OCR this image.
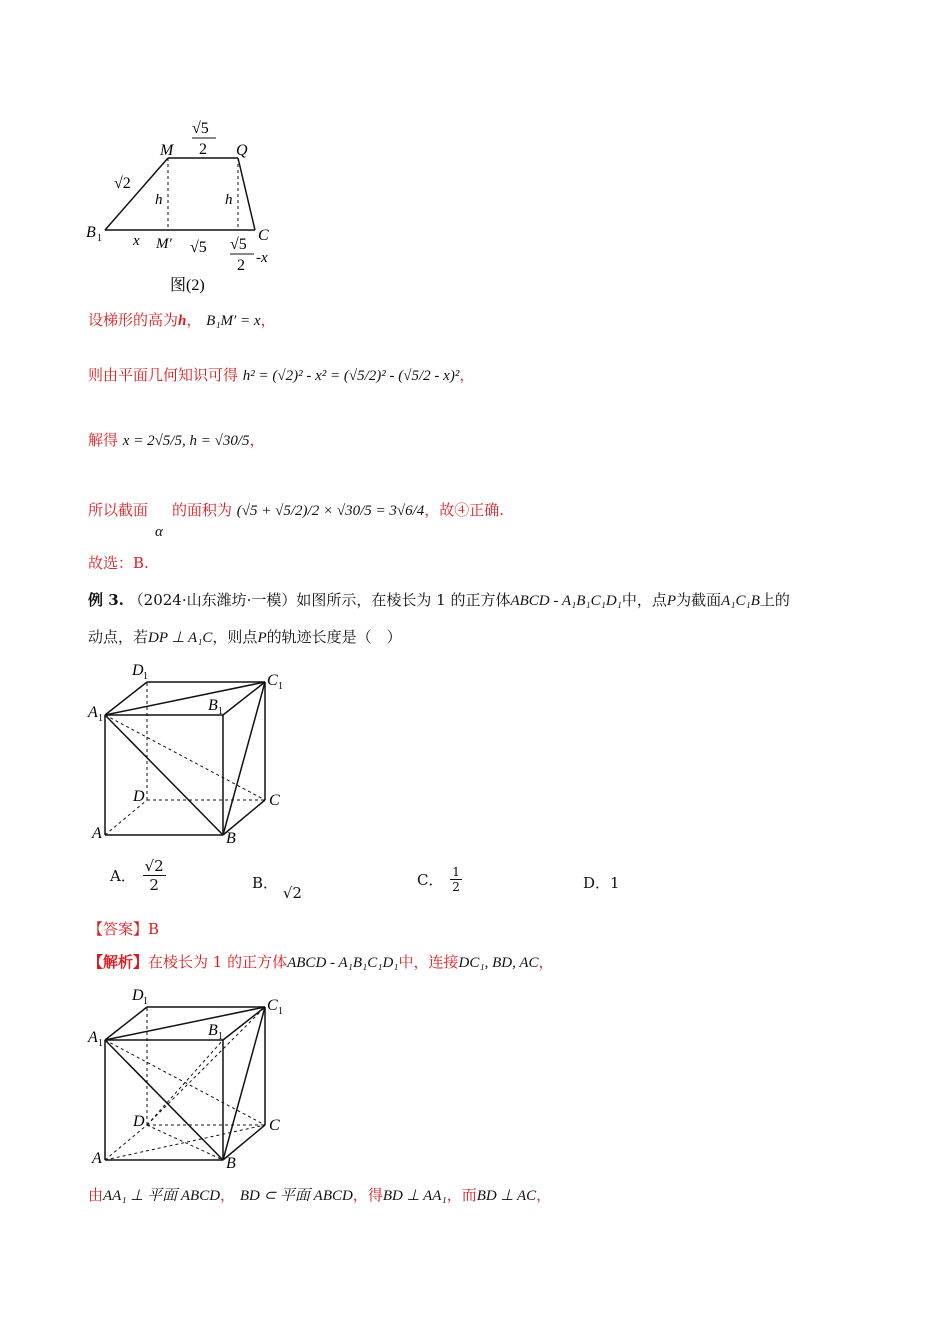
M	Q
B 1	C
M′
h	h
x
√2
√5
2
√5 √5
2 -x
图(2)
设梯形的高为h， B₁M′ = x，
则由平面几何知识可得 h² = (√2)² - x² = (√5/2)² - (√5/2 - x)²，
解得 x = 2√5/5, h = √30/5，
所以截面
α
的面积为 (√5 + √5/2)/2 × √30/5 = 3√6/4，故④正确.
故选：B.
例 3. （2024·山东潍坊·一模）如图所示，在棱长为 1 的正方体ABCD - A₁B₁C₁D₁中，点P为截面A₁C₁B上的
动点，若DP ⊥ A₁C，则点P的轨迹长度是（　）
A	B
C
D
A 1
B 1
C 1
D 1
A． $\frac{√2}{2}$	B． √2
C． $\frac{1}{2}$	D．1
【答案】B
【解析】在棱长为 1 的正方体ABCD - A₁B₁C₁D₁中，连接DC₁, BD, AC，
A	B
C
D
A 1
B 1
C 1
D 1
由AA₁ ⊥ 平面 ABCD， BD ⊂ 平面 ABCD，得BD ⊥ AA₁，而BD ⊥ AC，
